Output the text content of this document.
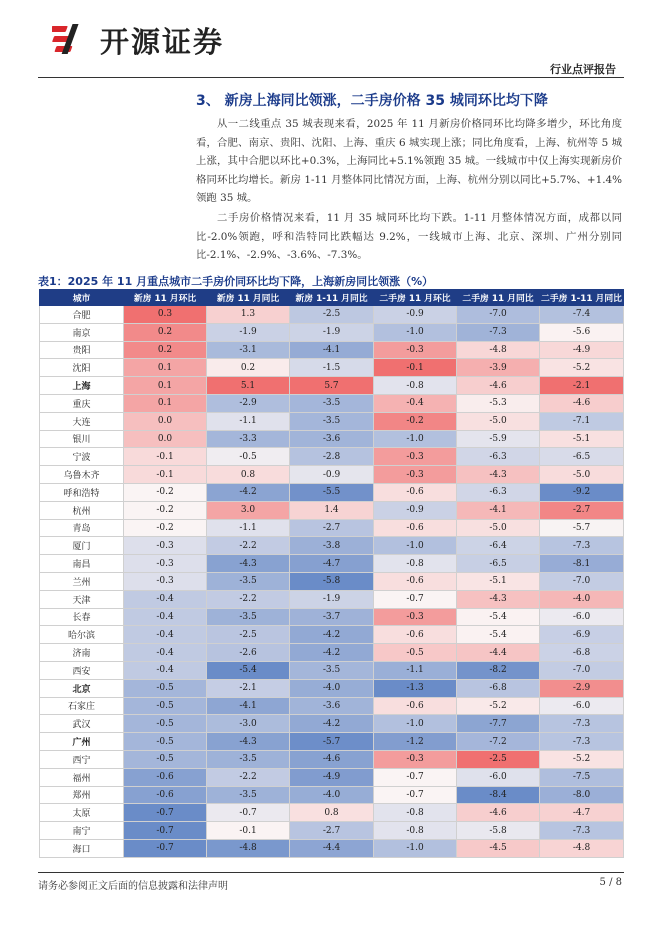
开源证券
行业点评报告
3、 新房上海同比领涨，二手房价格 35 城同环比均下降
从一二线重点 35 城表现来看，2025 年 11 月新房价格同环比均降多增少，环比角度看，合肥、南京、贵阳、沈阳、上海、重庆 6 城实现上涨；同比角度看，上海、杭州等 5 城上涨，其中合肥以环比+0.3%，上海同比+5.1%领跑 35 城。一线城市中仅上海实现新房价格同环比均增长。新房 1-11 月整体同比情况方面，上海、杭州分别以同比+5.7%、+1.4%领跑 35 城。
二手房价格情况来看，11 月 35 城同环比均下跌。1-11 月整体情况方面，成都以同比-2.0%领跑，呼和浩特同比跌幅达 9.2%，一线城市上海、北京、深圳、广州分别同比-2.1%、-2.9%、-3.6%、-7.3%。
表1：2025 年 11 月重点城市二手房价同环比均下降，上海新房同比领涨（%）
城市	新房 11 月环比	新房 11 月同比	新房 1-11 月同比	二手房 11 月环比	二手房 11 月同比	二手房 1-11 月同比
合肥	0.3	1.3	-2.5	-0.9	-7.0	-7.4
南京	0.2	-1.9	-1.9	-1.0	-7.3	-5.6
贵阳	0.2	-3.1	-4.1	-0.3	-4.8	-4.9
沈阳	0.1	0.2	-1.5	-0.1	-3.9	-5.2
上海	0.1	5.1	5.7	-0.8	-4.6	-2.1
重庆	0.1	-2.9	-3.5	-0.4	-5.3	-4.6
大连	0.0	-1.1	-3.5	-0.2	-5.0	-7.1
银川	0.0	-3.3	-3.6	-1.0	-5.9	-5.1
宁波	-0.1	-0.5	-2.8	-0.3	-6.3	-6.5
乌鲁木齐	-0.1	0.8	-0.9	-0.3	-4.3	-5.0
呼和浩特	-0.2	-4.2	-5.5	-0.6	-6.3	-9.2
杭州	-0.2	3.0	1.4	-0.9	-4.1	-2.7
青岛	-0.2	-1.1	-2.7	-0.6	-5.0	-5.7
厦门	-0.3	-2.2	-3.8	-1.0	-6.4	-7.3
南昌	-0.3	-4.3	-4.7	-0.8	-6.5	-8.1
兰州	-0.3	-3.5	-5.8	-0.6	-5.1	-7.0
天津	-0.4	-2.2	-1.9	-0.7	-4.3	-4.0
长春	-0.4	-3.5	-3.7	-0.3	-5.4	-6.0
哈尔滨	-0.4	-2.5	-4.2	-0.6	-5.4	-6.9
济南	-0.4	-2.6	-4.2	-0.5	-4.4	-6.8
西安	-0.4	-5.4	-3.5	-1.1	-8.2	-7.0
北京	-0.5	-2.1	-4.0	-1.3	-6.8	-2.9
石家庄	-0.5	-4.1	-3.6	-0.6	-5.2	-6.0
武汉	-0.5	-3.0	-4.2	-1.0	-7.7	-7.3
广州	-0.5	-4.3	-5.7	-1.2	-7.2	-7.3
西宁	-0.5	-3.5	-4.6	-0.3	-2.5	-5.2
福州	-0.6	-2.2	-4.9	-0.7	-6.0	-7.5
郑州	-0.6	-3.5	-4.0	-0.7	-8.4	-8.0
太原	-0.7	-0.7	0.8	-0.8	-4.6	-4.7
南宁	-0.7	-0.1	-2.7	-0.8	-5.8	-7.3
海口	-0.7	-4.8	-4.4	-1.0	-4.5	-4.8
请务必参阅正文后面的信息披露和法律声明	5 / 8
